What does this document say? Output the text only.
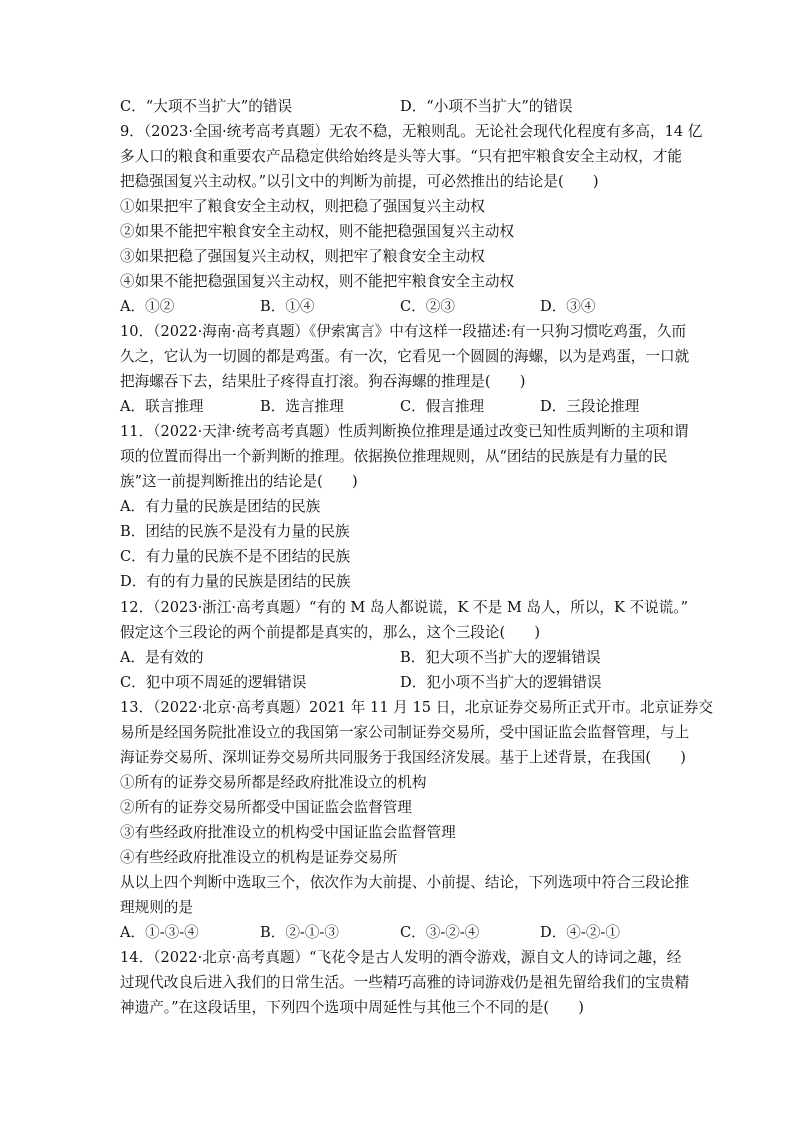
C．“大项不当扩大”的错误	D．“小项不当扩大”的错误
9．（2023·全国·统考高考真题）无农不稳，无粮则乱。无论社会现代化程度有多高，14 亿
多人口的粮食和重要农产品稳定供给始终是头等大事。“只有把牢粮食安全主动权，才能
把稳强国复兴主动权。”以引文中的判断为前提，可必然推出的结论是(　　)
①如果把牢了粮食安全主动权，则把稳了强国复兴主动权
②如果不能把牢粮食安全主动权，则不能把稳强国复兴主动权
③如果把稳了强国复兴主动权，则把牢了粮食安全主动权
④如果不能把稳强国复兴主动权，则不能把牢粮食安全主动权
A．①②	B．①④	C．②③	D．③④
10．（2022·海南·高考真题）《伊索寓言》中有这样一段描述:有一只狗习惯吃鸡蛋，久而
久之，它认为一切圆的都是鸡蛋。有一次，它看见一个圆圆的海螺，以为是鸡蛋，一口就
把海螺吞下去，结果肚子疼得直打滚。狗吞海螺的推理是(　　)
A．联言推理	B．选言推理	C．假言推理	D．三段论推理
11．（2022·天津·统考高考真题）性质判断换位推理是通过改变已知性质判断的主项和谓
项的位置而得出一个新判断的推理。依据换位推理规则，从“团结的民族是有力量的民
族”这一前提判断推出的结论是(　　)
A．有力量的民族是团结的民族
B．团结的民族不是没有力量的民族
C．有力量的民族不是不团结的民族
D．有的有力量的民族是团结的民族
12．（2023·浙江·高考真题）“有的 M 岛人都说谎，K 不是 M 岛人，所以，K 不说谎。”
假定这个三段论的两个前提都是真实的，那么，这个三段论(　　)
A．是有效的	B．犯大项不当扩大的逻辑错误
C．犯中项不周延的逻辑错误	D．犯小项不当扩大的逻辑错误
13．（2022·北京·高考真题）2021 年 11 月 15 日，北京证券交易所正式开市。北京证券交
易所是经国务院批准设立的我国第一家公司制证券交易所，受中国证监会监督管理，与上
海证券交易所、深圳证券交易所共同服务于我国经济发展。基于上述背景，在我国(　　)
①所有的证券交易所都是经政府批准设立的机构
②所有的证券交易所都受中国证监会监督管理
③有些经政府批准设立的机构受中国证监会监督管理
④有些经政府批准设立的机构是证券交易所
从以上四个判断中选取三个，依次作为大前提、小前提、结论，下列选项中符合三段论推
理规则的是
A．①-③-④	B．②-①-③	C．③-②-④	D．④-②-①
14．（2022·北京·高考真题）“飞花令是古人发明的酒令游戏，源自文人的诗词之趣，经
过现代改良后进入我们的日常生活。一些精巧高雅的诗词游戏仍是祖先留给我们的宝贵精
神遗产。”在这段话里，下列四个选项中周延性与其他三个不同的是(　　)
